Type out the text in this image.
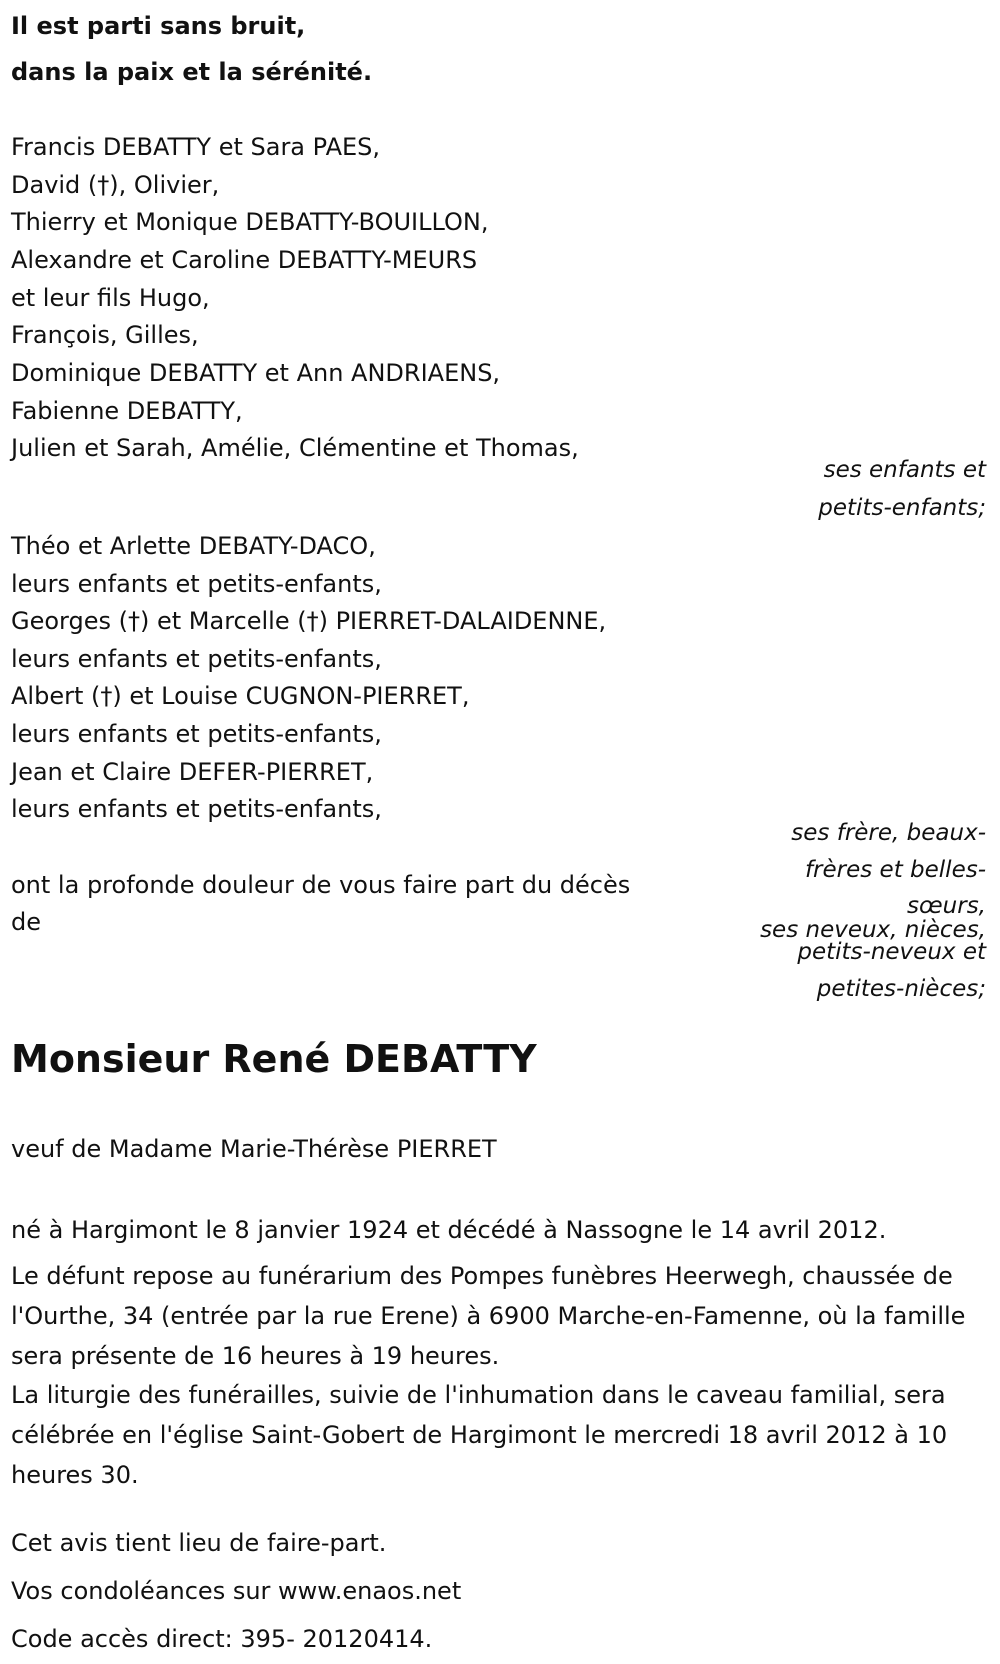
Il est parti sans bruit,
dans la paix et la sérénité.
Francis DEBATTY et Sara PAES,
David (†), Olivier,
Thierry et Monique DEBATTY-BOUILLON,
Alexandre et Caroline DEBATTY-MEURS
et leur fils Hugo,
François, Gilles,
Dominique DEBATTY et Ann ANDRIAENS,
Fabienne DEBATTY,
Julien et Sarah, Amélie, Clémentine et Thomas,
ses enfants et
petits-enfants;
Théo et Arlette DEBATY-DACO,
leurs enfants et petits-enfants,
Georges (†) et Marcelle (†) PIERRET-DALAIDENNE,
leurs enfants et petits-enfants,
Albert (†) et Louise CUGNON-PIERRET,
leurs enfants et petits-enfants,
Jean et Claire DEFER-PIERRET,
leurs enfants et petits-enfants,
ses frère, beaux-
frères et belles-
sœurs,
ses neveux, nièces,
petits-neveux et
petites-nièces;
ont la profonde douleur de vous faire part du décès
de
Monsieur René DEBATTY
veuf de Madame Marie-Thérèse PIERRET
né à Hargimont le 8 janvier 1924 et décédé à Nassogne le 14 avril 2012.
Le défunt repose au funérarium des Pompes funèbres Heerwegh, chaussée de l'Ourthe, 34 (entrée par la rue Erene) à 6900 Marche-en-Famenne, où la famille sera présente de 16 heures à 19 heures.
La liturgie des funérailles, suivie de l'inhumation dans le caveau familial, sera célébrée en l'église Saint-Gobert de Hargimont le mercredi 18 avril 2012 à 10 heures 30.
Cet avis tient lieu de faire-part.
Vos condoléances sur www.enaos.net
Code accès direct: 395- 20120414.
